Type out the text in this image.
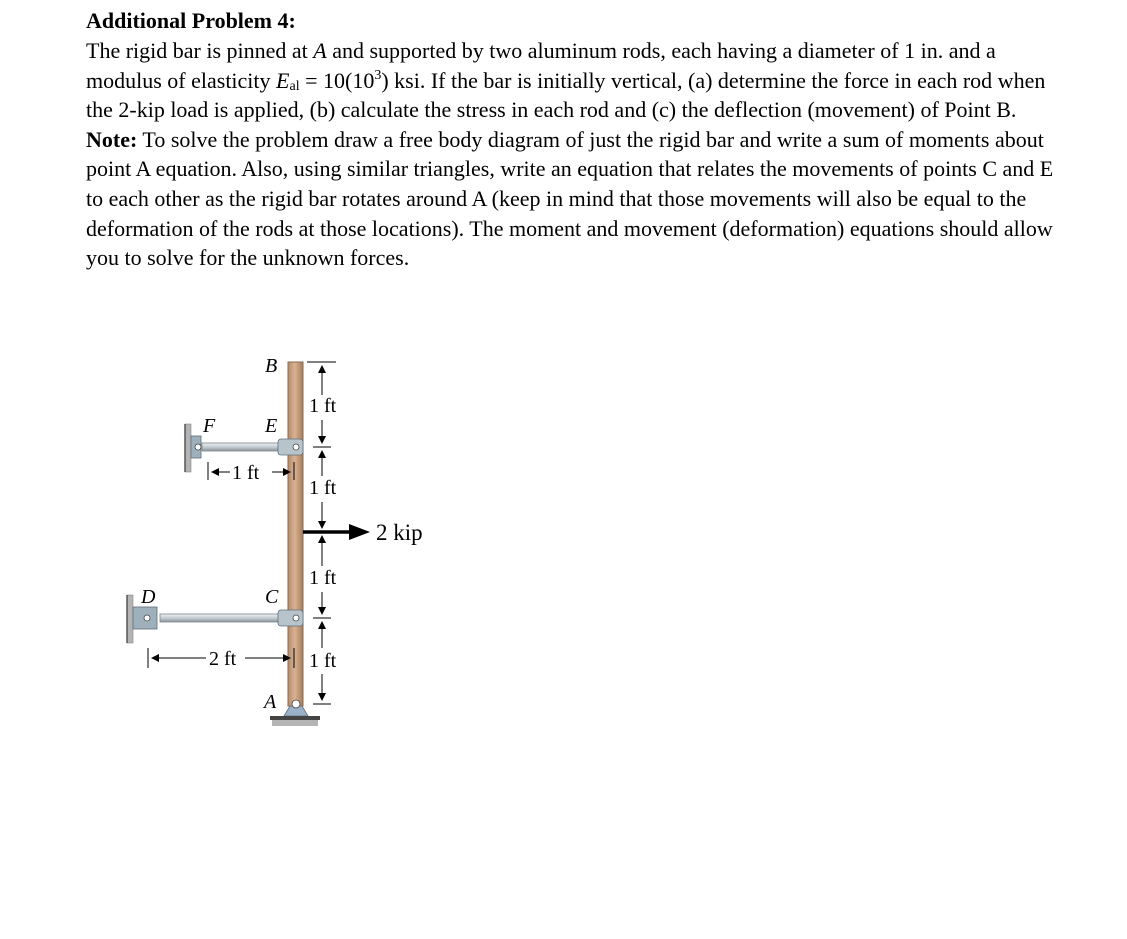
Additional Problem 4:

The rigid bar is pinned at A and supported by two aluminum rods, each having a diameter of 1 in. and a modulus of elasticity $E_{al} = 10(10^3)$ ksi. If the bar is initially vertical, (a) determine the force in each rod when the 2-kip load is applied, (b) calculate the stress in each rod and (c) the deflection (movement) of Point B. Note: To solve the problem draw a free body diagram of just the rigid bar and write a sum of moments about point A equation. Also, using similar triangles, write an equation that relates the movements of points C and E to each other as the rigid bar rotates around A (keep in mind that those movements will also be equal to the deformation of the rods at those locations). The moment and movement (deformation) equations should allow you to solve for the unknown forces.

B
F E
D	C
A
1 ft
1 ft
1 ft
1 ft
1 ft
2 ft
2 kip
